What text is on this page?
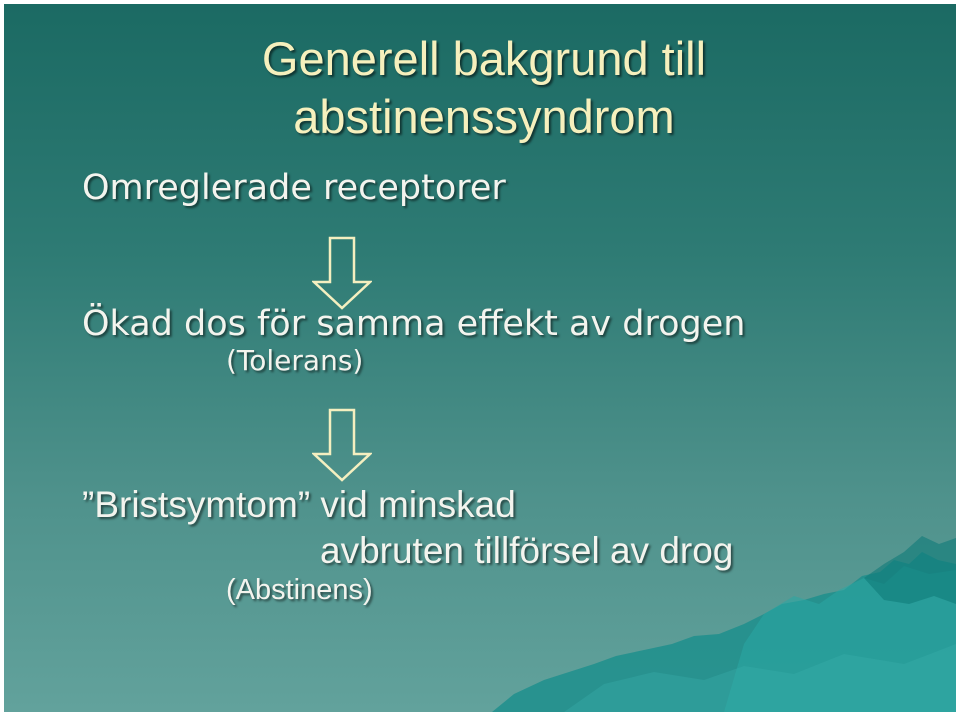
Generell bakgrund till abstinenssyndrom

Omreglerade receptorer

Ökad dos för samma effekt av drogen

(Tolerans)

”Bristsymtom” vid minskad

avbruten tillförsel av drog

(Abstinens)
